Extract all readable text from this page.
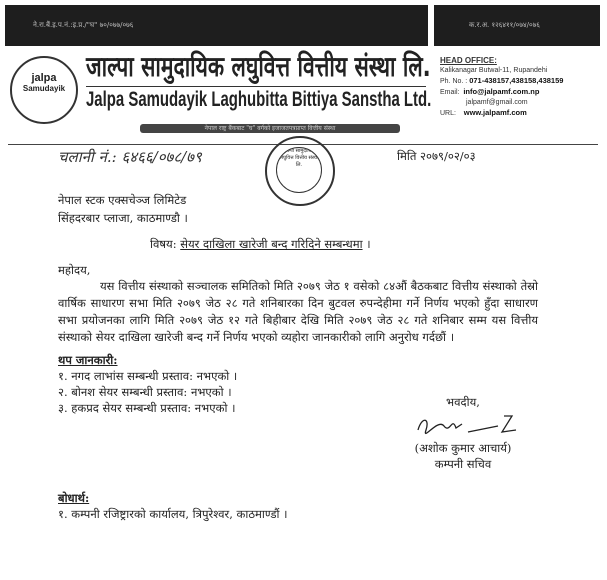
ने.रा.बैं.इ.प.नं.:इ.प्र./"घ" ७०/०७७/०७६	क.र.अ. १२६४११/०७४/०७६
jalpa
Samudayik
जाल्पा सामुदायिक लघुवित्त वित्तीय संस्था लि.
Jalpa Samudayik Laghubitta Bittiya Sanstha Ltd.
HEAD OFFICE:
Kalikanagar Butwal-11, Rupandehi
Ph. No. : 071-438157,438158,438159
Email: info@jalpamf.com.np
jalpamf@gmail.com
URL: www.jalpamf.com
नेपाल राष्ट्र बैंकबाट "घ" वर्गको इजाजतपत्रप्राप्त वित्तीय संस्था
चलानी नं.: ६४६६/०७८/७९	जाल्पा सामुदायिक लघुवित्त वित्तीय संस्था लि.
मिति २०७९/०२/०३
नेपाल स्टक एक्सचेञ्ज लिमिटेड
सिंहदरबार प्लाजा, काठमाण्डौ ।
विषय: सेयर दाखिला खारेजी बन्द गरिदिने सम्बन्धमा ।
महोदय,

यस वित्तीय संस्थाको सञ्चालक समितिको मिति २०७९ जेठ १ वसेको ८४औं बैठकबाट वित्तीय संस्थाको तेस्रो वार्षिक साधारण सभा मिति २०७९ जेठ २८ गते शनिबारका दिन बुटवल रुपन्देहीमा गर्ने निर्णय भएको हुँदा साधारण सभा प्रयोजनका लागि मिति २०७९ जेठ १२ गते बिहीबार देखि मिति २०७९ जेठ २८ गते शनिबार सम्म यस वित्तीय संस्थाको सेयर दाखिला खारेजी बन्द गर्ने निर्णय भएको व्यहोरा जानकारीको लागि अनुरोध गर्दछौं ।

थप जानकारी:
१. नगद लाभांस सम्बन्धी प्रस्ताव: नभएको ।
२. बोनश सेयर सम्बन्धी प्रस्ताव: नभएको ।
३. हकप्रद सेयर सम्बन्धी प्रस्ताव: नभएको ।
बोधार्थ:
१. कम्पनी रजिष्ट्रारको कार्यालय, त्रिपुरेश्वर, काठमाण्डौं ।
भवदीय,
(अशोक कुमार आचार्य)
कम्पनी सचिव
